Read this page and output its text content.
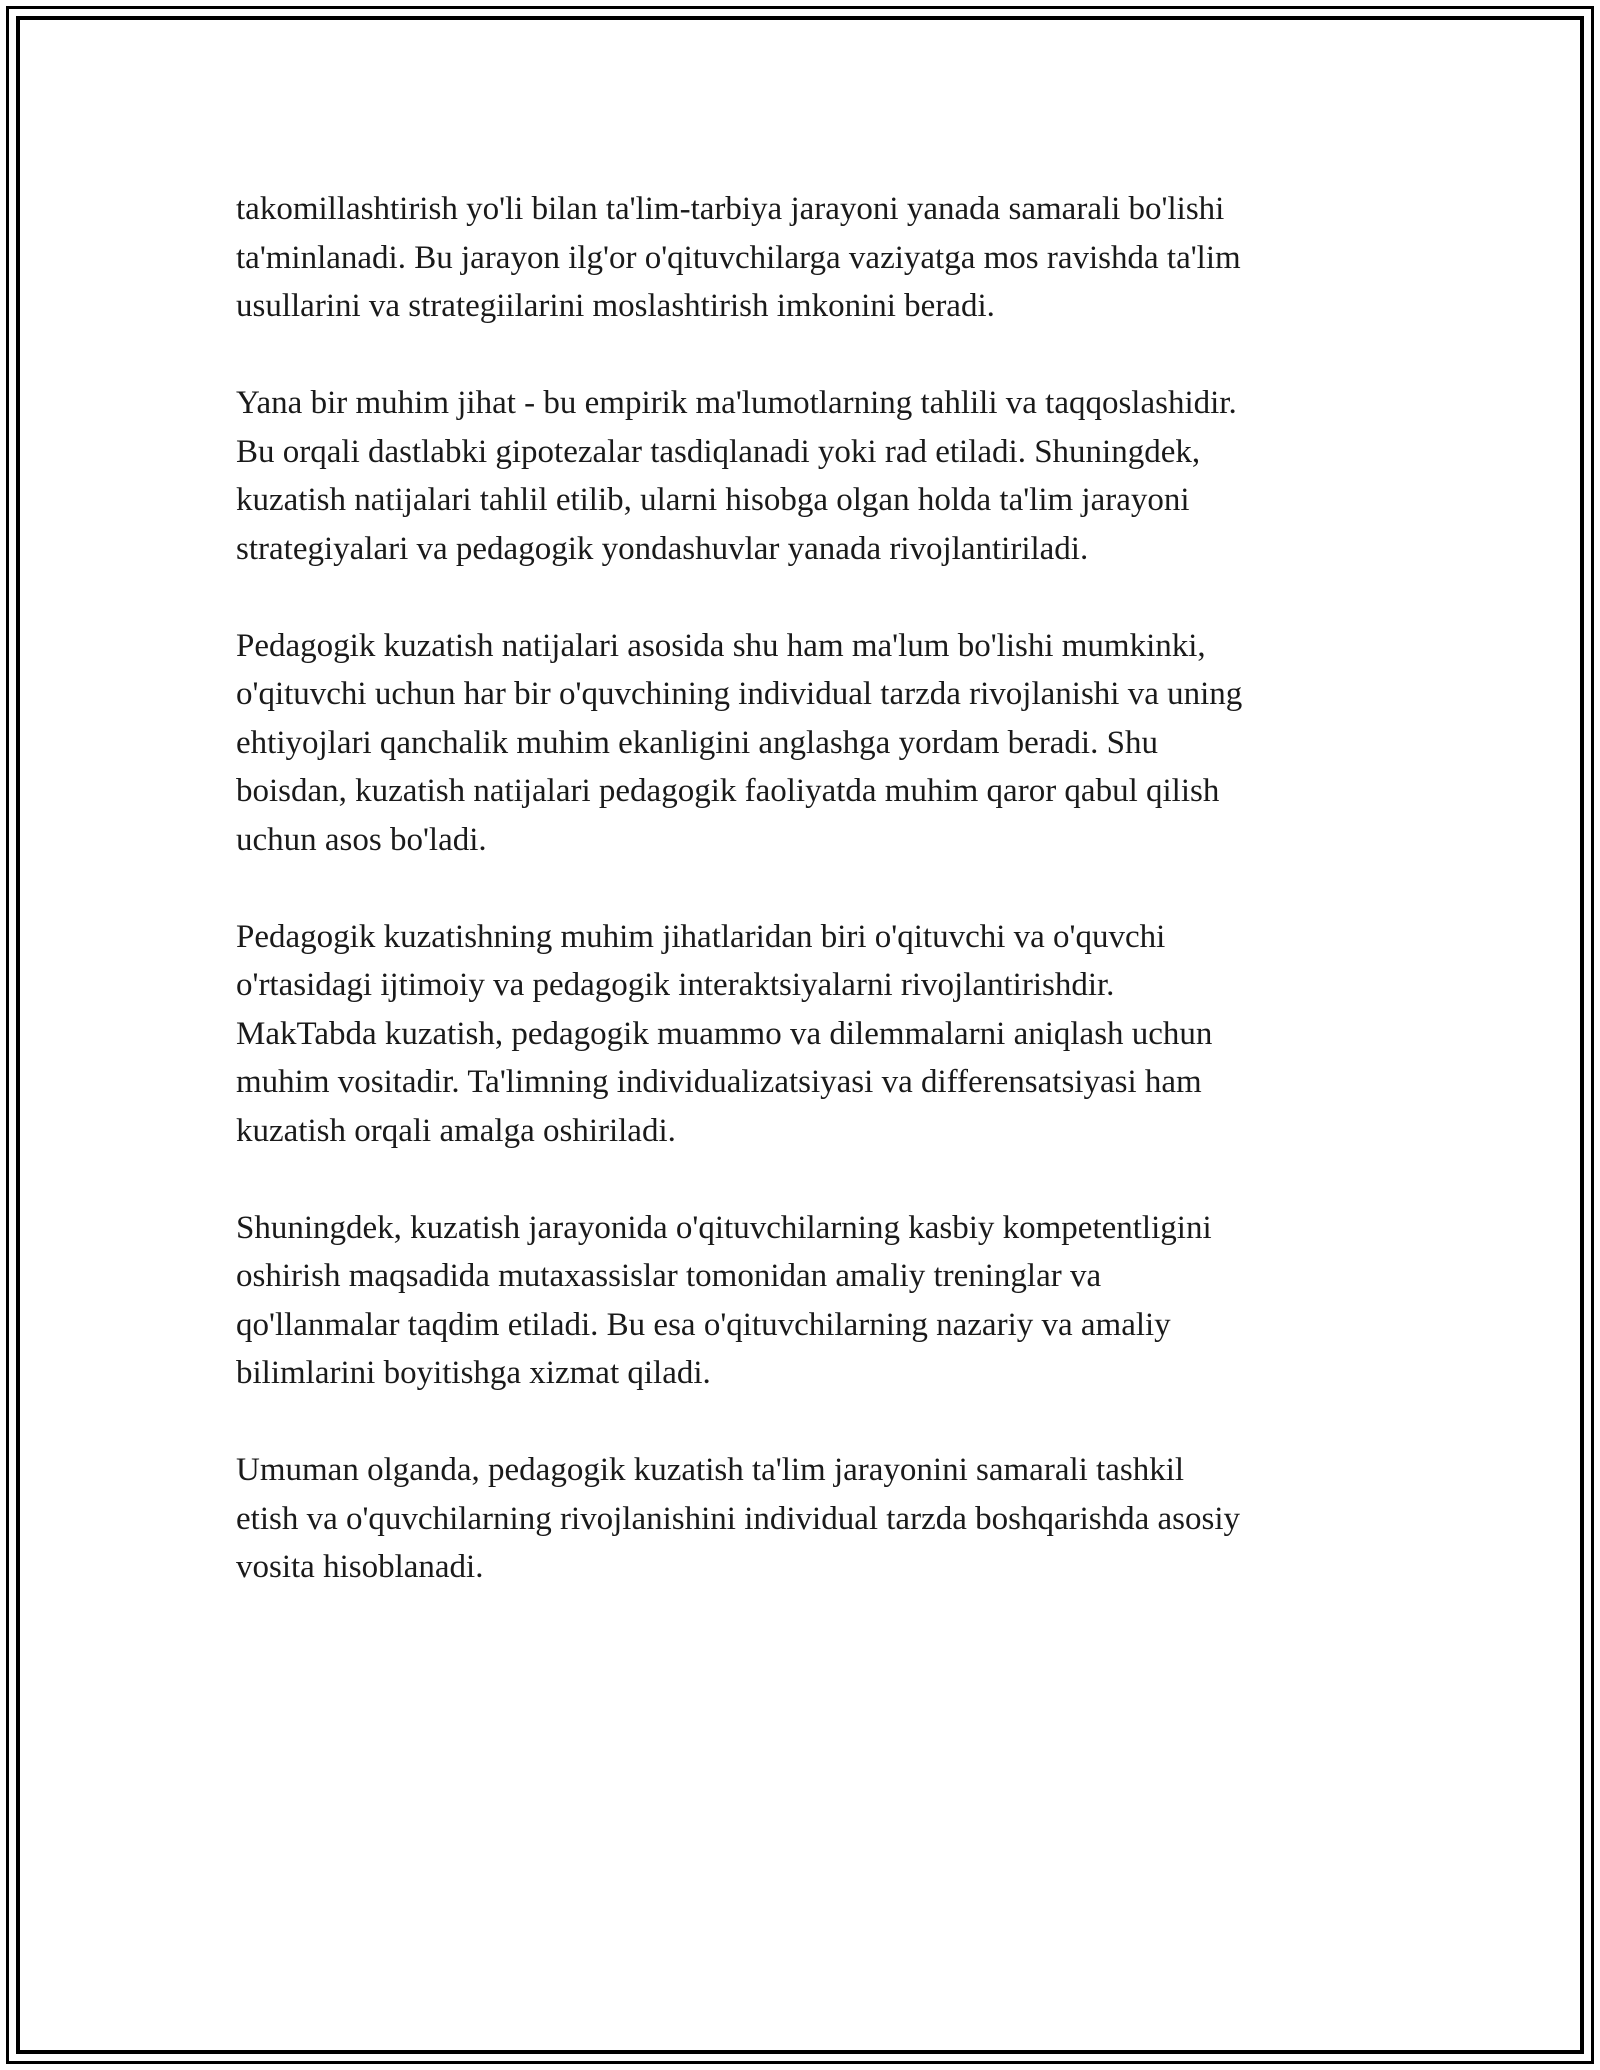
takomillashtirish yo'li bilan ta'lim-tarbiya jarayoni yanada samarali bo'lishi
ta'minlanadi. Bu jarayon ilg'or o'qituvchilarga vaziyatga mos ravishda ta'lim
usullarini va strategiilarini moslashtirish imkonini beradi.

Yana bir muhim jihat - bu empirik ma'lumotlarning tahlili va taqqoslashidir.
Bu orqali dastlabki gipotezalar tasdiqlanadi yoki rad etiladi. Shuningdek,
kuzatish natijalari tahlil etilib, ularni hisobga olgan holda ta'lim jarayoni
strategiyalari va pedagogik yondashuvlar yanada rivojlantiriladi.

Pedagogik kuzatish natijalari asosida shu ham ma'lum bo'lishi mumkinki,
o'qituvchi uchun har bir o'quvchining individual tarzda rivojlanishi va uning
ehtiyojlari qanchalik muhim ekanligini anglashga yordam beradi. Shu
boisdan, kuzatish natijalari pedagogik faoliyatda muhim qaror qabul qilish
uchun asos bo'ladi.

Pedagogik kuzatishning muhim jihatlaridan biri o'qituvchi va o'quvchi
o'rtasidagi ijtimoiy va pedagogik interaktsiyalarni rivojlantirishdir.
MakTabda kuzatish, pedagogik muammo va dilemmalarni aniqlash uchun
muhim vositadir. Ta'limning individualizatsiyasi va differensatsiyasi ham
kuzatish orqali amalga oshiriladi.

Shuningdek, kuzatish jarayonida o'qituvchilarning kasbiy kompetentligini
oshirish maqsadida mutaxassislar tomonidan amaliy treninglar va
qo'llanmalar taqdim etiladi. Bu esa o'qituvchilarning nazariy va amaliy
bilimlarini boyitishga xizmat qiladi.

Umuman olganda, pedagogik kuzatish ta'lim jarayonini samarali tashkil
etish va o'quvchilarning rivojlanishini individual tarzda boshqarishda asosiy
vosita hisoblanadi.
